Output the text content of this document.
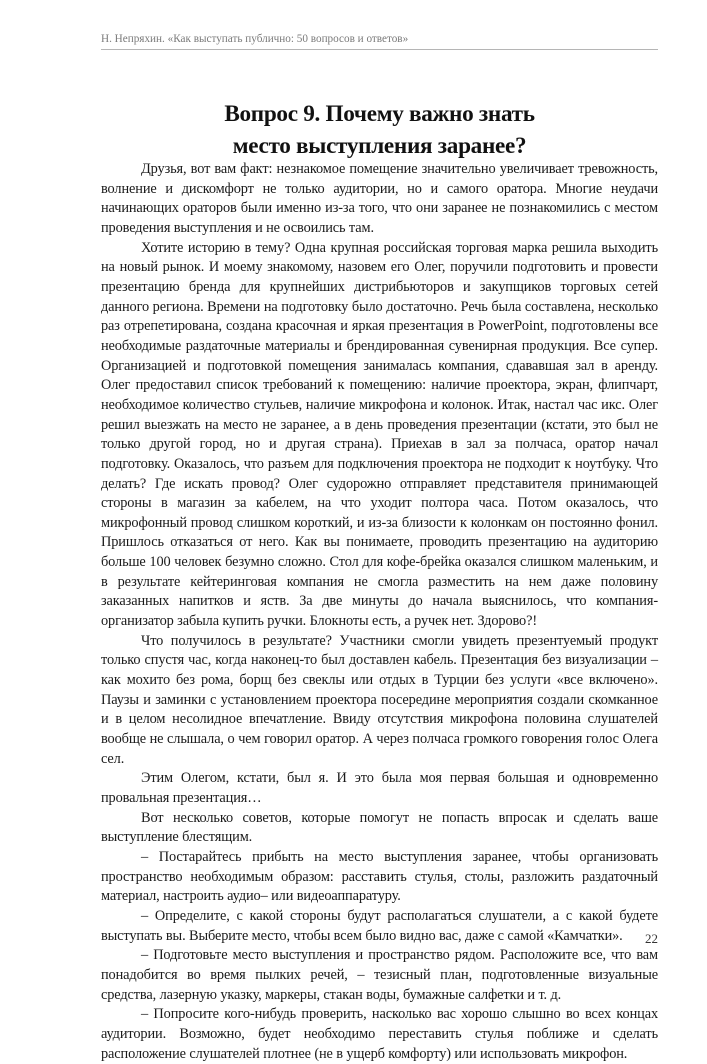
Н. Непряхин. «Как выступать публично: 50 вопросов и ответов»
Вопрос 9. Почему важно знать
место выступления заранее?

Друзья, вот вам факт: незнакомое помещение значительно увеличивает тревожность, волнение и дискомфорт не только аудитории, но и самого оратора. Многие неудачи начинающих ораторов были именно из-за того, что они заранее не познакомились с местом проведения выступления и не освоились там.

Хотите историю в тему? Одна крупная российская торговая марка решила выходить на новый рынок. И моему знакомому, назовем его Олег, поручили подготовить и провести презентацию бренда для крупнейших дистрибьюторов и закупщиков торговых сетей данного региона. Времени на подготовку было достаточно. Речь была составлена, несколько раз отрепетирована, создана красочная и яркая презентация в PowerPoint, подготовлены все необходимые раздаточные материалы и брендированная сувенирная продукция. Все супер. Организацией и подготовкой помещения занималась компания, сдававшая зал в аренду. Олег предоставил список требований к помещению: наличие проектора, экран, флипчарт, необходимое количество стульев, наличие микрофона и колонок. Итак, настал час икс. Олег решил выезжать на место не заранее, а в день проведения презентации (кстати, это был не только другой город, но и другая страна). Приехав в зал за полчаса, оратор начал подготовку. Оказалось, что разъем для подключения проектора не подходит к ноутбуку. Что делать? Где искать провод? Олег судорожно отправляет представителя принимающей стороны в магазин за кабелем, на что уходит полтора часа. Потом оказалось, что микрофонный провод слишком короткий, и из-за близости к колонкам он постоянно фонил. Пришлось отказаться от него. Как вы понимаете, проводить презентацию на аудиторию больше 100 человек безумно сложно. Стол для кофе-брейка оказался слишком маленьким, и в результате кейтеринговая компания не смогла разместить на нем даже половину заказанных напитков и яств. За две минуты до начала выяснилось, что компания-организатор забыла купить ручки. Блокноты есть, а ручек нет. Здорово?!

Что получилось в результате? Участники смогли увидеть презентуемый продукт только спустя час, когда наконец-то был доставлен кабель. Презентация без визуализации – как мохито без рома, борщ без свеклы или отдых в Турции без услуги «все включено». Паузы и заминки с установлением проектора посередине мероприятия создали скомканное и в целом несолидное впечатление. Ввиду отсутствия микрофона половина слушателей вообще не слышала, о чем говорил оратор. А через полчаса громкого говорения голос Олега сел.

Этим Олегом, кстати, был я. И это была моя первая большая и одновременно провальная презентация…

Вот несколько советов, которые помогут не попасть впросак и сделать ваше выступление блестящим.

– Постарайтесь прибыть на место выступления заранее, чтобы организовать пространство необходимым образом: расставить стулья, столы, разложить раздаточный материал, настроить аудио– или видеоаппаратуру.

– Определите, с какой стороны будут располагаться слушатели, а с какой будете выступать вы. Выберите место, чтобы всем было видно вас, даже с самой «Камчатки».

– Подготовьте место выступления и пространство рядом. Расположите все, что вам понадобится во время пылких речей, – тезисный план, подготовленные визуальные средства, лазерную указку, маркеры, стакан воды, бумажные салфетки и т. д.

– Попросите кого-нибудь проверить, насколько вас хорошо слышно во всех концах аудитории. Возможно, будет необходимо переставить стулья поближе и сделать расположение слушателей плотнее (не в ущерб комфорту) или использовать микрофон.

22
